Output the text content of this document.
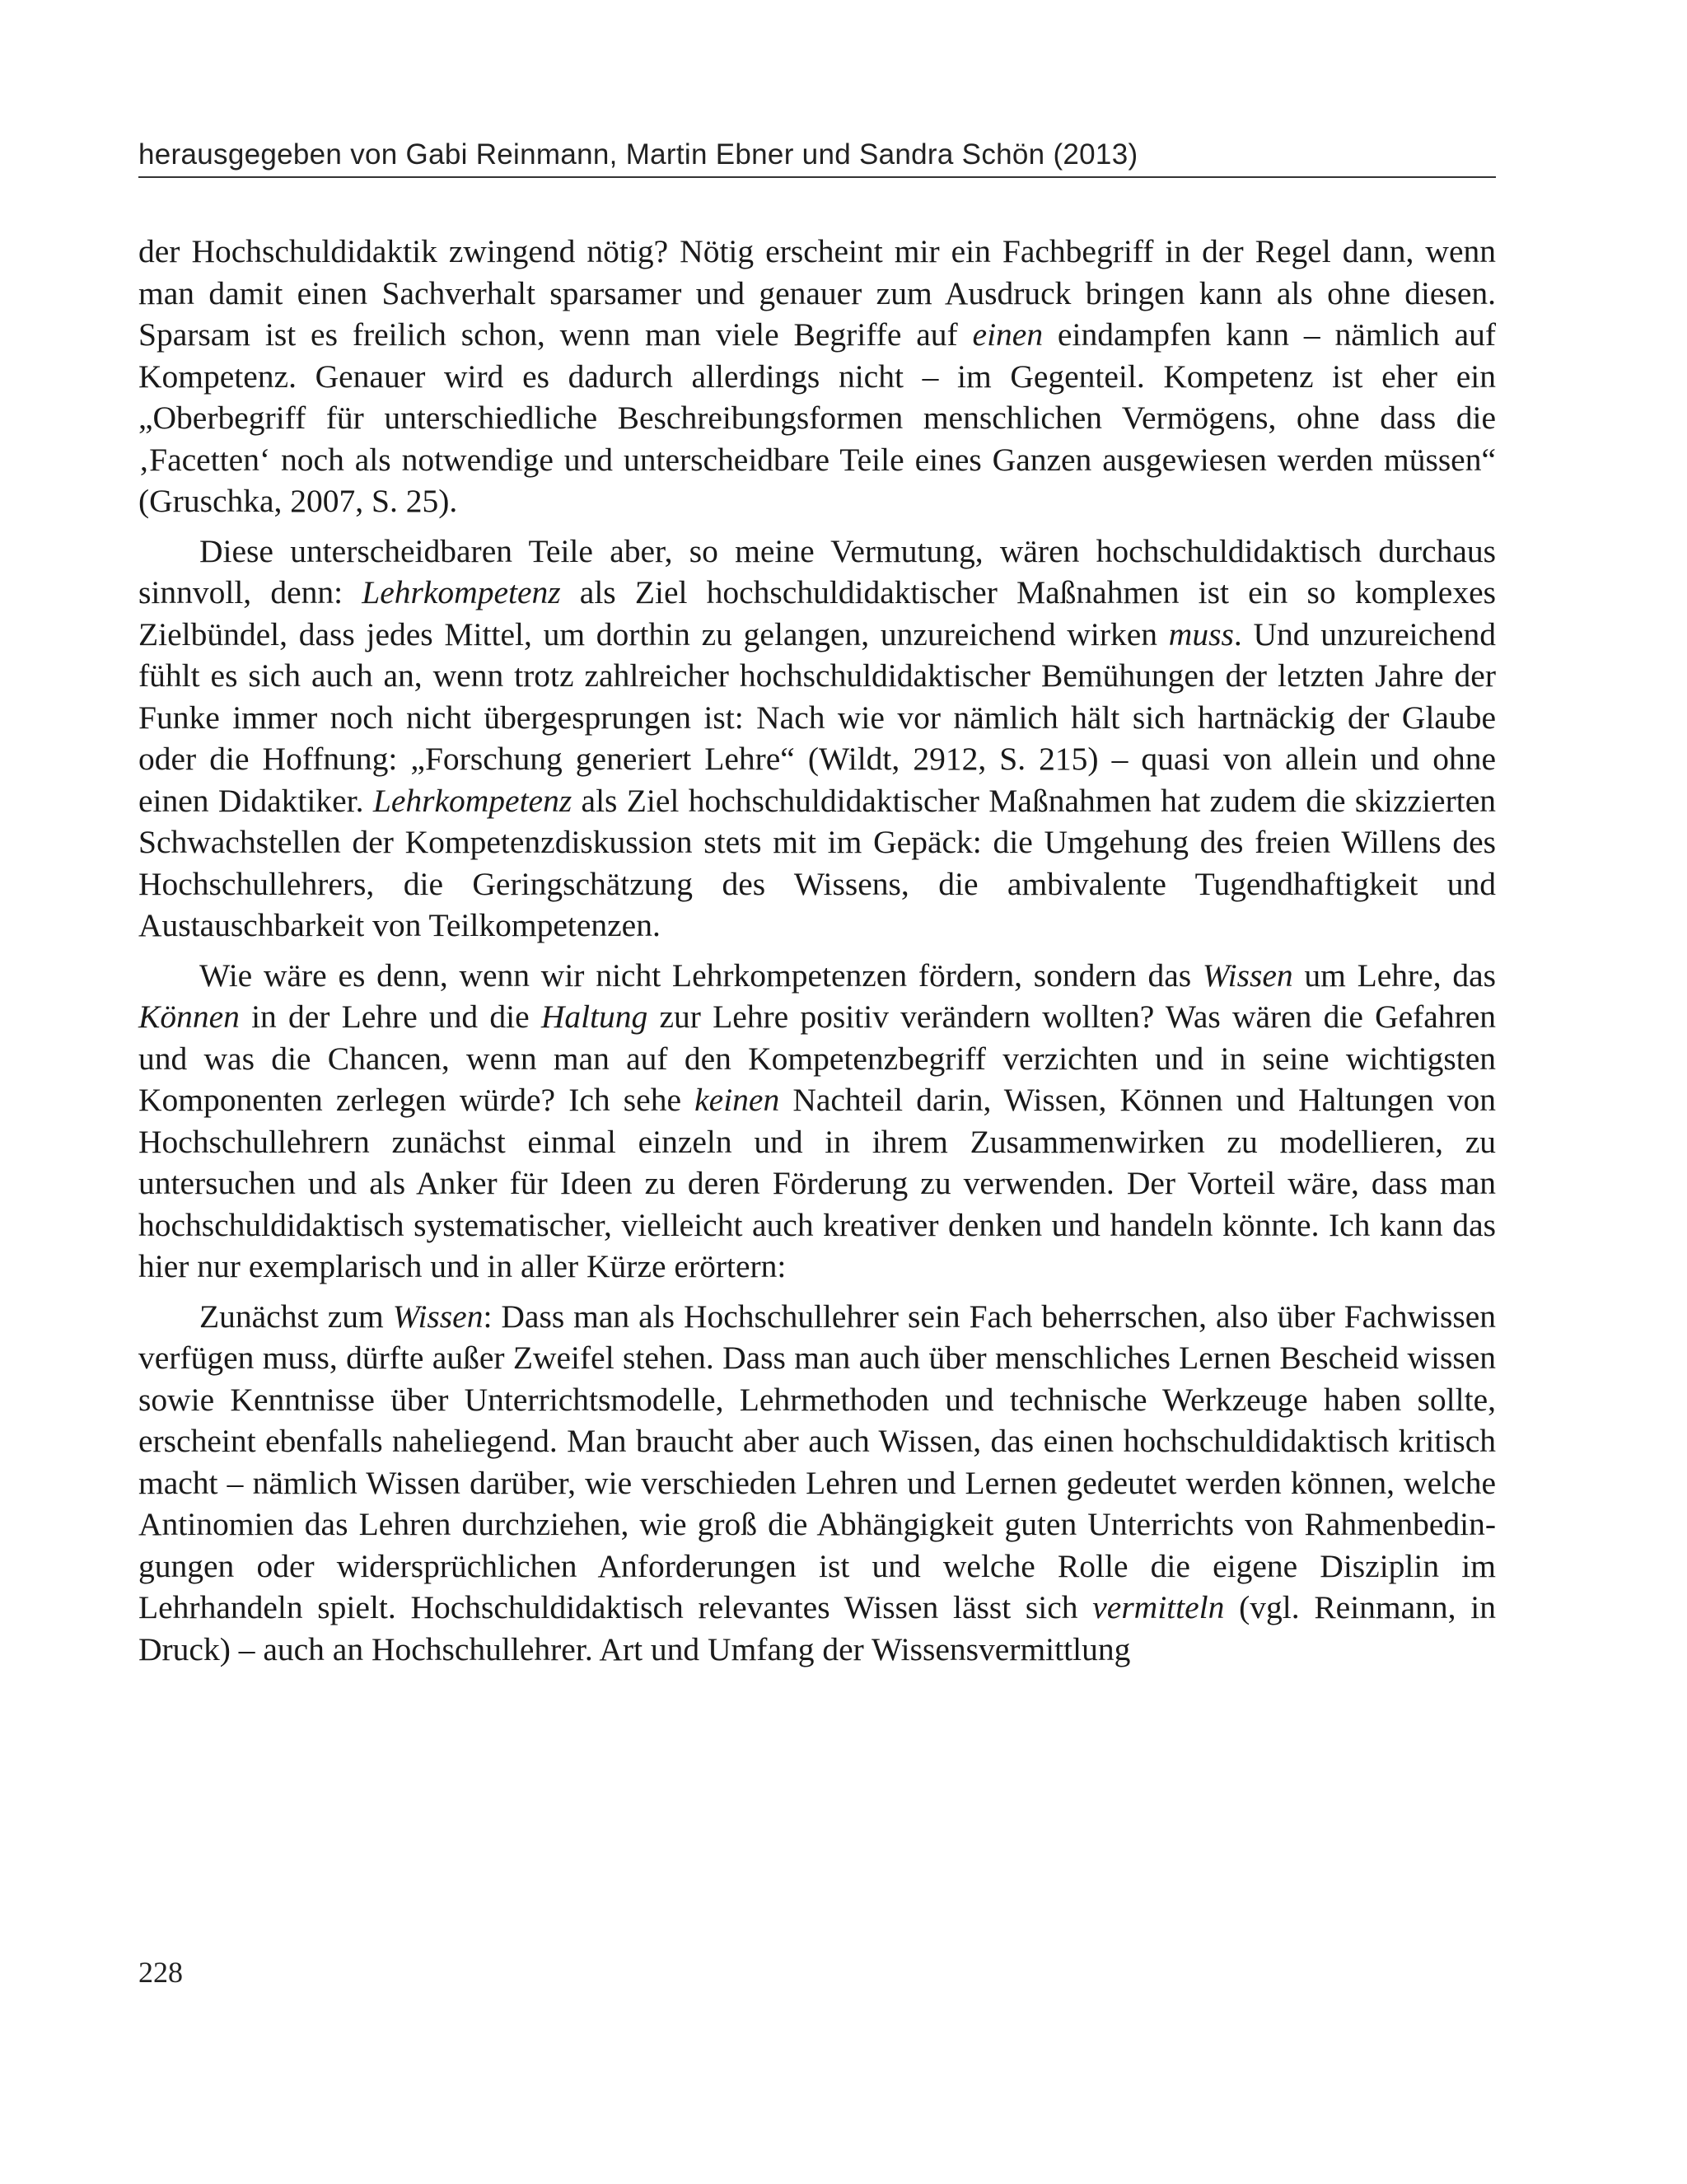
herausgegeben von Gabi Reinmann, Martin Ebner und Sandra Schön (2013)

der Hochschuldidaktik zwingend nötig? Nötig erscheint mir ein Fachbegriff in der Regel dann, wenn man damit einen Sachverhalt sparsamer und genauer zum Ausdruck bringen kann als ohne diesen. Sparsam ist es freilich schon, wenn man viele Begriffe auf einen eindampfen kann – nämlich auf Kompetenz. Genauer wird es dadurch allerdings nicht – im Gegenteil. Kompetenz ist eher ein „Oberbegriff für unterschiedliche Beschreibungsformen menschlichen Vermögens, ohne dass die ‚Facetten‘ noch als notwendige und unterscheidbare Teile eines Ganzen ausgewiesen werden müssen“ (Gruschka, 2007, S. 25).

Diese unterscheidbaren Teile aber, so meine Vermutung, wären hochschuldidaktisch durchaus sinnvoll, denn: Lehrkompetenz als Ziel hochschuldidaktischer Maßnahmen ist ein so komplexes Zielbündel, dass jedes Mittel, um dorthin zu gelangen, unzureichend wirken muss. Und unzureichend fühlt es sich auch an, wenn trotz zahlreicher hochschuldidaktischer Bemühungen der letzten Jahre der Funke immer noch nicht übergesprungen ist: Nach wie vor nämlich hält sich hartnäckig der Glaube oder die Hoffnung: „Forschung generiert Lehre“ (Wildt, 2912, S. 215) – quasi von allein und ohne einen Didaktiker. Lehrkompetenz als Ziel hochschuldidaktischer Maßnahmen hat zudem die skizzierten Schwachstellen der Kompetenzdiskussion stets mit im Gepäck: die Umgehung des freien Willens des Hochschullehrers, die Geringschätzung des Wissens, die ambivalente Tugendhaftigkeit und Austauschbarkeit von Teilkompetenzen.

Wie wäre es denn, wenn wir nicht Lehrkompetenzen fördern, sondern das Wissen um Lehre, das Können in der Lehre und die Haltung zur Lehre positiv verändern wollten? Was wären die Gefahren und was die Chancen, wenn man auf den Kompetenzbegriff verzichten und in seine wichtigsten Komponenten zerlegen würde? Ich sehe keinen Nachteil darin, Wissen, Können und Haltungen von Hochschullehrern zunächst einmal einzeln und in ihrem Zusammenwirken zu modellieren, zu untersuchen und als Anker für Ideen zu deren Förderung zu verwenden. Der Vorteil wäre, dass man hochschuldidaktisch systematischer, vielleicht auch kreativer denken und handeln könnte. Ich kann das hier nur exemplarisch und in aller Kürze erörtern:

Zunächst zum Wissen: Dass man als Hochschullehrer sein Fach beherrschen, also über Fachwissen verfügen muss, dürfte außer Zweifel stehen. Dass man auch über menschliches Lernen Bescheid wissen sowie Kenntnisse über Unterrichtsmodelle, Lehrmethoden und technische Werkzeuge haben sollte, erscheint ebenfalls naheliegend. Man braucht aber auch Wissen, das einen hochschuldidaktisch kritisch macht – nämlich Wissen darüber, wie verschieden Lehren und Lernen gedeutet werden können, welche Antinomien das Lehren durchziehen, wie groß die Abhängigkeit guten Unterrichts von Rahmenbedingungen oder widersprüchlichen Anforderungen ist und welche Rolle die eigene Disziplin im Lehrhandeln spielt. Hochschuldidaktisch relevantes Wissen lässt sich vermitteln (vgl. Reinmann, in Druck) – auch an Hochschullehrer. Art und Umfang der Wissensvermittlung

228
